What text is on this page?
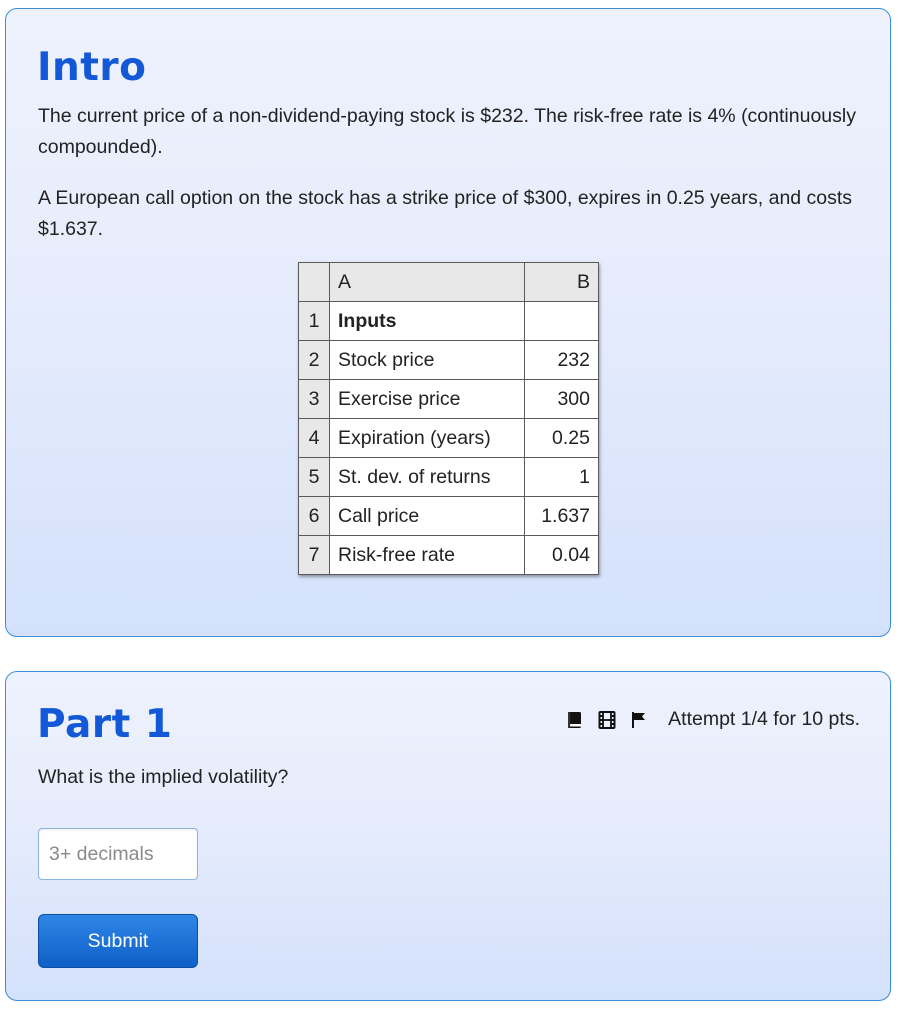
Intro

The current price of a non-dividend-paying stock is $232. The risk-free rate is 4% (continuously compounded).

A European call option on the stock has a strike price of $300, expires in 0.25 years, and costs $1.637.

	A	B
1	Inputs	
2	Stock price	232
3	Exercise price	300
4	Expiration (years)	0.25
5	St. dev. of returns	1
6	Call price	1.637
7	Risk-free rate	0.04
Part 1	Attempt 1/4 for 10 pts.

What is the implied volatility?

3+ decimals
Submit
